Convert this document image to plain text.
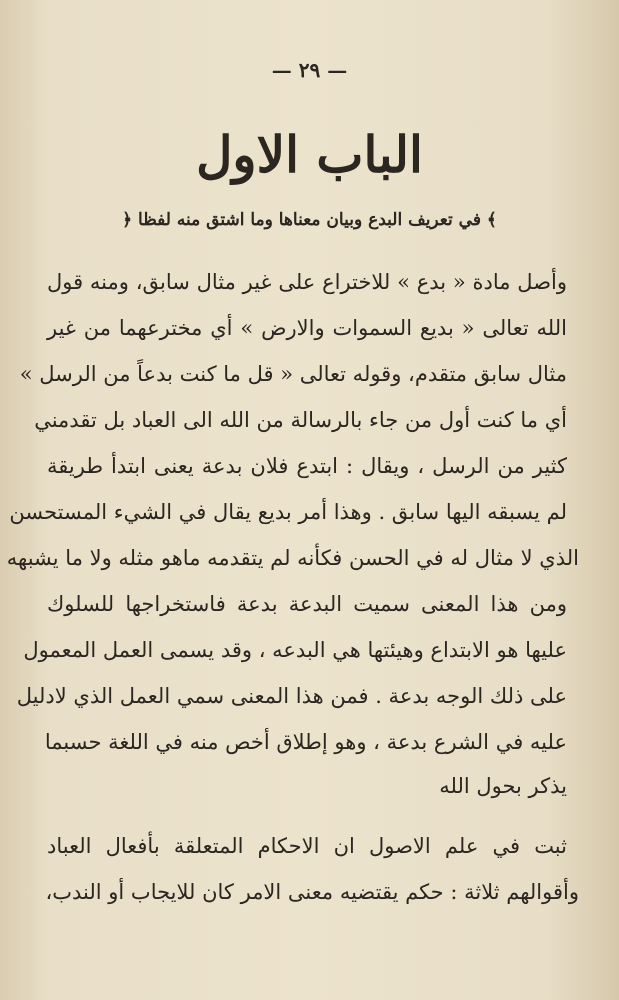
— ٢٩ —
الباب الاول
﴿ في تعريف البدع وبيان معناها وما اشتق منه لفظا ﴾
وأصل مادة « بدع » للاختراع على غير مثال سابق، ومنه قول
الله تعالى « بديع السموات والارض » أي مخترعهما من غير
مثال سابق متقدم، وقوله تعالى « قل ما كنت بدعاً من الرسل »
أي ما كنت أول من جاء بالرسالة من الله الى العباد بل تقدمني
كثير من الرسل ، ويقال : ابتدع فلان بدعة يعنى ابتدأ طريقة
لم يسبقه اليها سابق . وهذا أمر بديع يقال في الشيء المستحسن
الذي لا مثال له في الحسن فكأنه لم يتقدمه ماهو مثله ولا ما يشبهه
ومن هذا المعنى سميت البدعة بدعة فاستخراجها للسلوك
عليها هو الابتداع وهيئتها هي البدعه ، وقد يسمى العمل المعمول
على ذلك الوجه بدعة . فمن هذا المعنى سمي العمل الذي لادليل
عليه في الشرع بدعة ، وهو إطلاق أخص منه في اللغة حسبما
يذكر بحول الله
ثبت في علم الاصول ان الاحكام المتعلقة بأفعال العباد
وأقوالهم ثلاثة : حكم يقتضيه معنى الامر كان للايجاب أو الندب،
